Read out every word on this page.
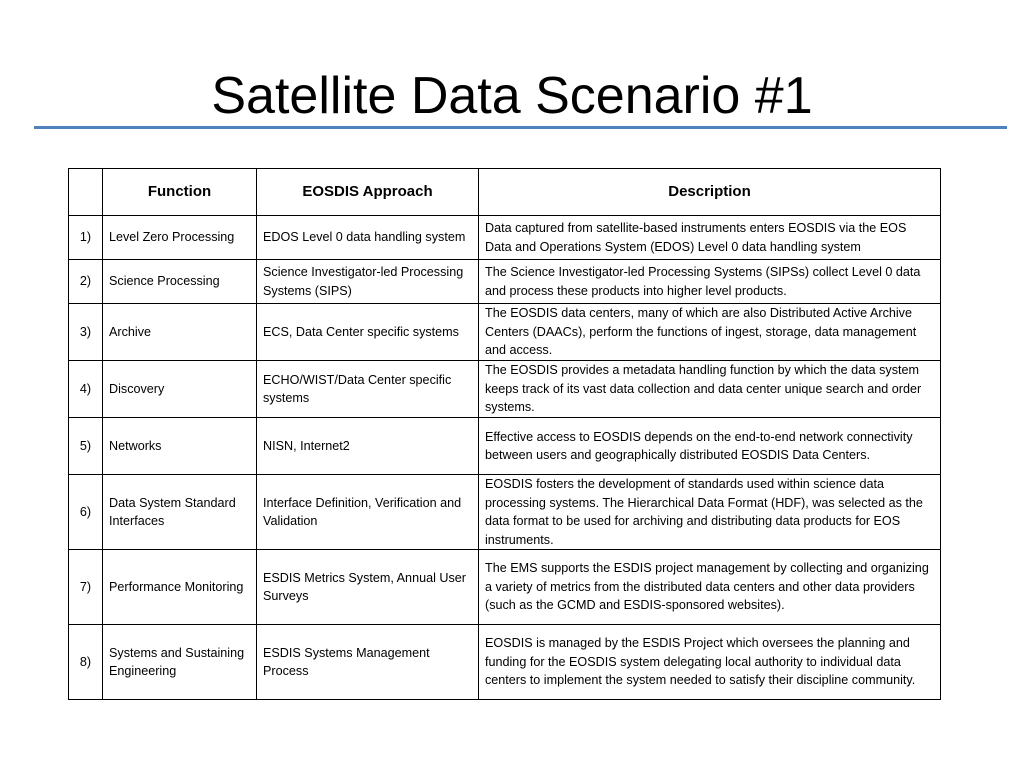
Satellite Data Scenario #1
	Function	EOSDIS Approach	Description
1)	Level Zero Processing	EDOS Level 0 data handling system	Data captured from satellite-based instruments enters EOSDIS via the EOS Data and Operations System (EDOS) Level 0 data handling system
2)	Science Processing	Science Investigator-led Processing Systems (SIPS)	The Science Investigator-led Processing Systems (SIPSs) collect Level 0 data and process these products into higher level products.
3)	Archive	ECS, Data Center specific systems	The EOSDIS data centers, many of which are also Distributed Active Archive Centers (DAACs), perform the functions of ingest, storage, data management and access.
4)	Discovery	ECHO/WIST/Data Center specific systems	The EOSDIS provides a metadata handling function by which the data system keeps track of its vast data collection and data center unique search and order systems.
5)	Networks	NISN, Internet2	Effective access to EOSDIS depends on the end-to-end network connectivity between users and geographically distributed EOSDIS Data Centers.
6)	Data System Standard Interfaces	Interface Definition, Verification and Validation	EOSDIS fosters the development of standards used within science data processing systems. The Hierarchical Data Format (HDF), was selected as the data format to be used for archiving and distributing data products for EOS instruments.
7)	Performance Monitoring	ESDIS Metrics System, Annual User Surveys	The EMS supports the ESDIS project management by collecting and organizing a variety of metrics from the distributed data centers and other data providers (such as the GCMD and ESDIS-sponsored websites).
8)	Systems and Sustaining Engineering	ESDIS Systems Management Process	EOSDIS is managed by the ESDIS Project which oversees the planning and funding for the EOSDIS system delegating local authority to individual data centers to implement the system needed to satisfy their discipline community.
